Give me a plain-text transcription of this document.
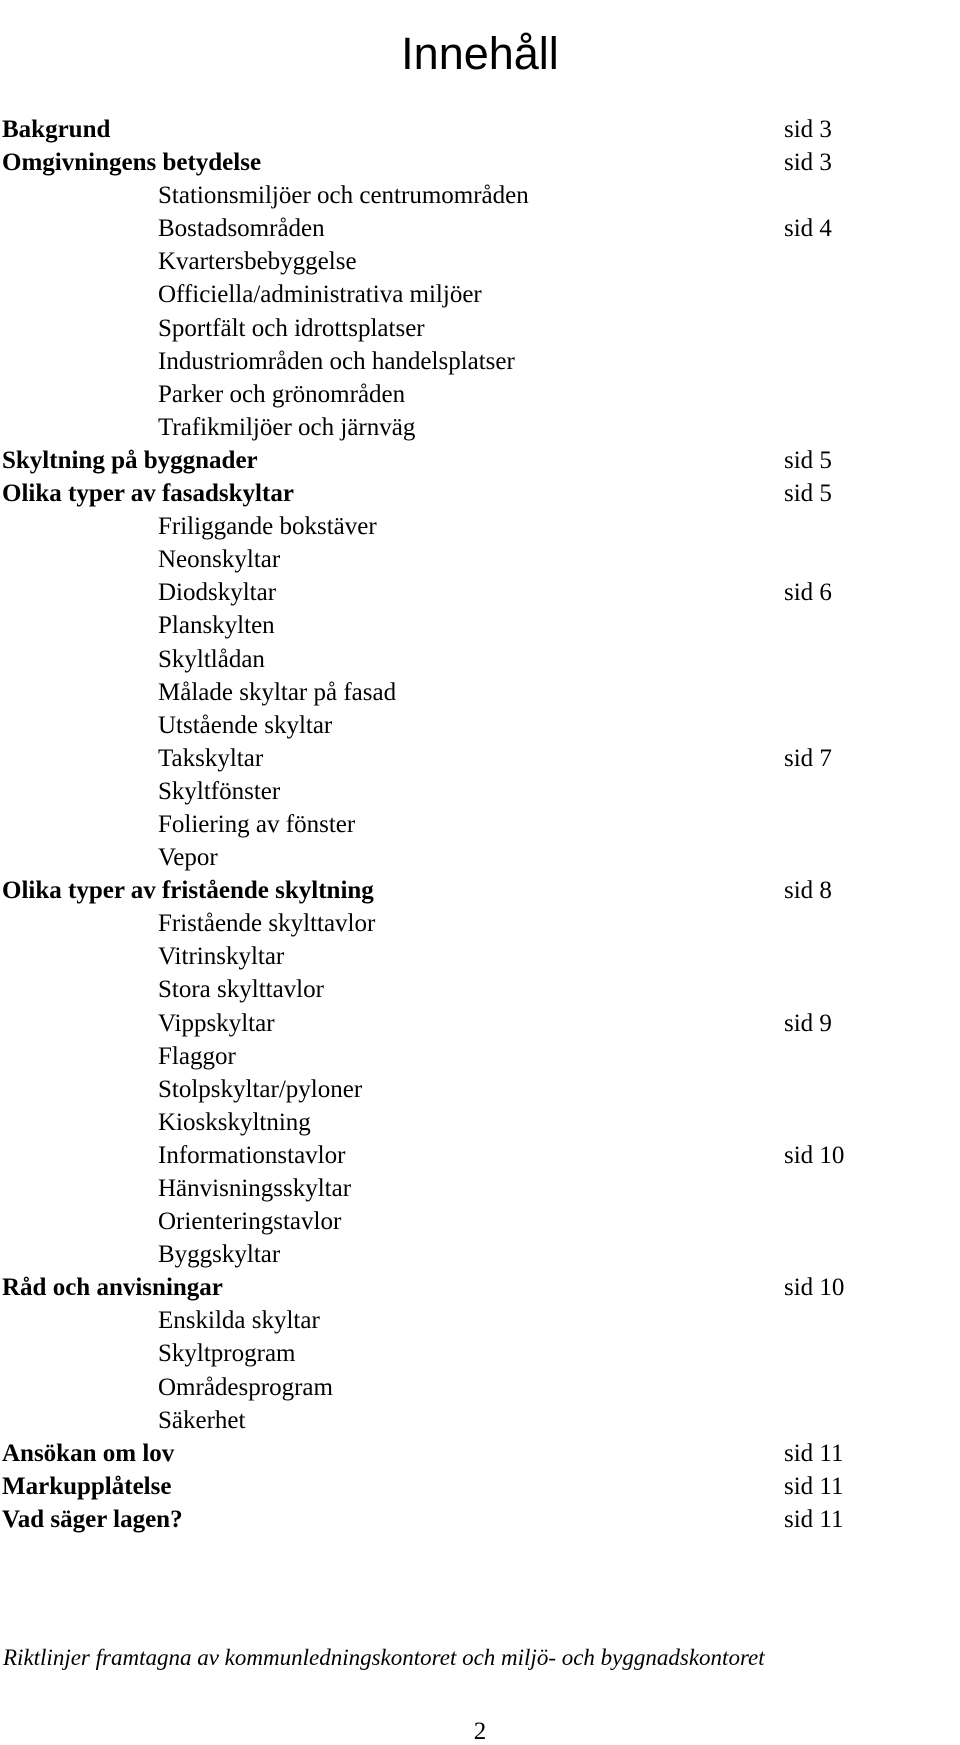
Innehåll
Bakgrund	sid 3
Omgivningens betydelse	sid 3
Stationsmiljöer och centrumområden
Bostadsområden	sid 4
Kvartersbebyggelse
Officiella/administrativa miljöer
Sportfält och idrottsplatser
Industriområden och handelsplatser
Parker och grönområden
Trafikmiljöer och järnväg
Skyltning på byggnader	sid 5
Olika typer av fasadskyltar	sid 5
Friliggande bokstäver
Neonskyltar
Diodskyltar	sid 6
Planskylten
Skyltlådan
Målade skyltar på fasad
Utstående skyltar
Takskyltar	sid 7
Skyltfönster
Foliering av fönster
Vepor
Olika typer av fristående skyltning	sid 8
Fristående skylttavlor
Vitrinskyltar
Stora skylttavlor
Vippskyltar	sid 9
Flaggor
Stolpskyltar/pyloner
Kioskskyltning
Informationstavlor	sid 10
Hänvisningsskyltar
Orienteringstavlor
Byggskyltar
Råd och anvisningar	sid 10
Enskilda skyltar
Skyltprogram
Områdesprogram
Säkerhet
Ansökan om lov	sid 11
Markupplåtelse	sid 11
Vad säger lagen?	sid 11
Riktlinjer framtagna av kommunledningskontoret och miljö- och byggnadskontoret
2
